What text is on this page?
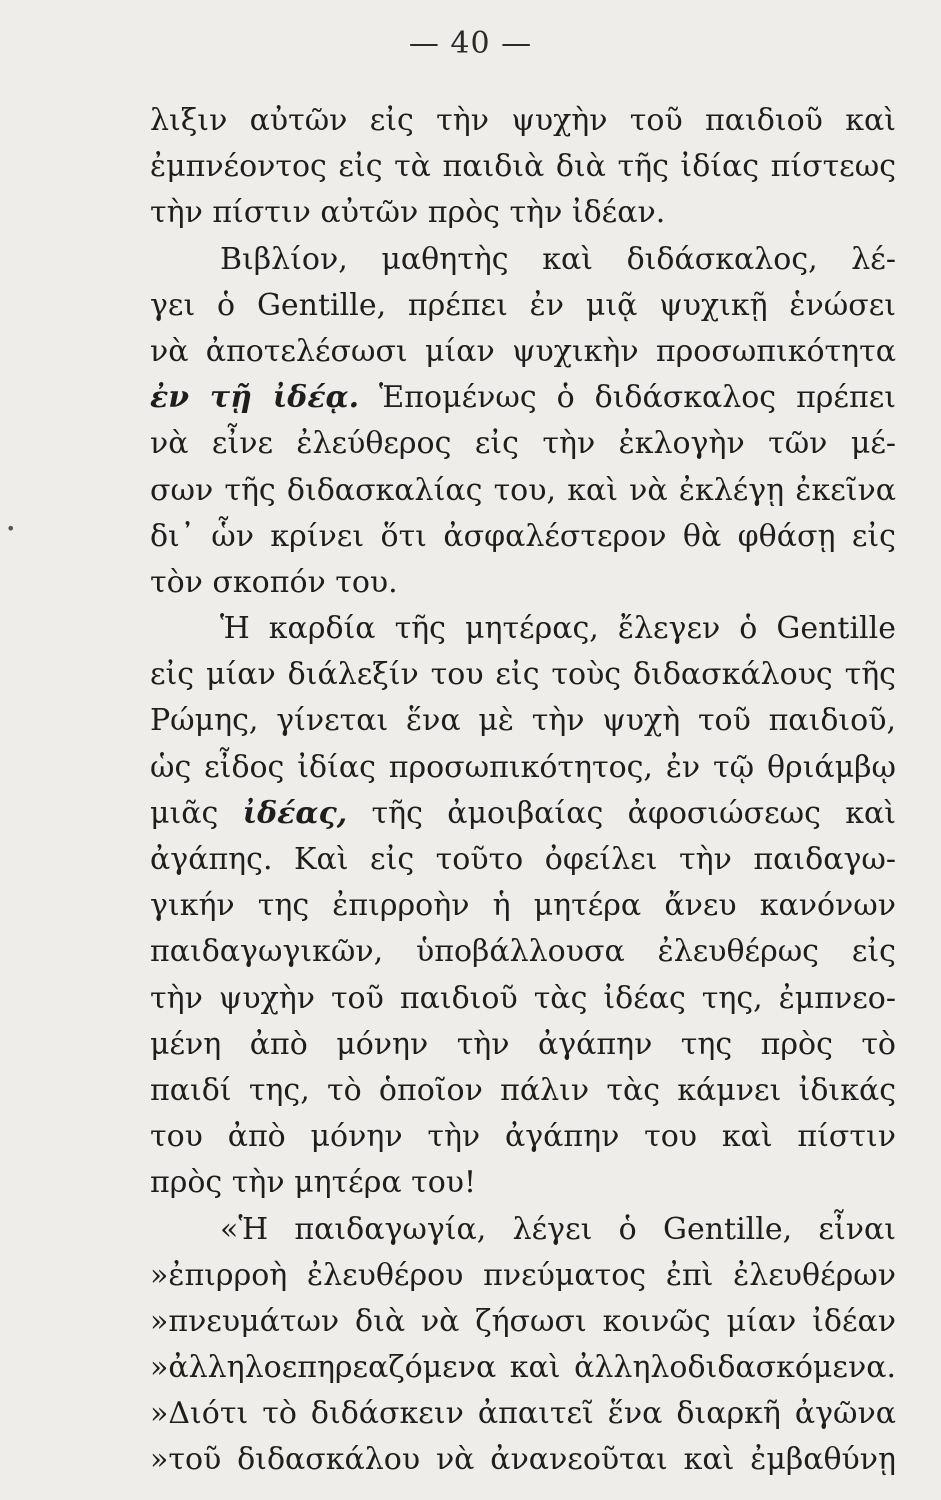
— 40 —
•
λιξιν αὐτῶν εἰς τὴν ψυχὴν τοῦ παιδιοῦ καὶ
ἐμπνέοντος εἰς τὰ παιδιὰ διὰ τῆς ἰδίας πίστεως
τὴν πίστιν αὐτῶν πρὸς τὴν ἰδέαν.
Βιβλίον, μαθητὴς καὶ διδάσκαλος, λέ-
γει ὁ Gentille, πρέπει ἐν μιᾷ ψυχικῇ ἑνώσει
νὰ ἀποτελέσωσι μίαν ψυχικὴν προσωπικότητα
ἐν τῇ ἰδέᾳ. Ἑπομένως ὁ διδάσκαλος πρέπει
νὰ εἶνε ἐλεύθερος εἰς τὴν ἐκλογὴν τῶν μέ-
σων τῆς διδασκαλίας του, καὶ νὰ ἐκλέγῃ ἐκεῖνα
δι᾽ ὧν κρίνει ὅτι ἀσφαλέστερον θὰ φθάσῃ εἰς
τὸν σκοπόν του.
Ἡ καρδία τῆς μητέρας, ἔλεγεν ὁ Gentille
εἰς μίαν διάλεξίν του εἰς τοὺς διδασκάλους τῆς
Ρώμης, γίνεται ἕνα μὲ τὴν ψυχὴ τοῦ παιδιοῦ,
ὡς εἶδος ἰδίας προσωπικότητος, ἐν τῷ θριάμβῳ
μιᾶς ἰδέας, τῆς ἀμοιβαίας ἀφοσιώσεως καὶ
ἀγάπης. Καὶ εἰς τοῦτο ὀφείλει τὴν παιδαγω-
γικήν της ἐπιρροὴν ἡ μητέρα ἄνευ κανόνων
παιδαγωγικῶν, ὑποβάλλουσα ἐλευθέρως εἰς
τὴν ψυχὴν τοῦ παιδιοῦ τὰς ἰδέας της, ἐμπνεο-
μένη ἀπὸ μόνην τὴν ἀγάπην της πρὸς τὸ
παιδί της, τὸ ὁποῖον πάλιν τὰς κάμνει ἰδικάς
του ἀπὸ μόνην τὴν ἀγάπην του καὶ πίστιν
πρὸς τὴν μητέρα του!
«Ἡ παιδαγωγία, λέγει ὁ Gentille, εἶναι
»ἐπιρροὴ ἐλευθέρου πνεύματος ἐπὶ ἐλευθέρων
»πνευμάτων διὰ νὰ ζήσωσι κοινῶς μίαν ἰδέαν
»ἀλληλοεπηρεαζόμενα καὶ ἀλληλοδιδασκόμενα.
»Διότι τὸ διδάσκειν ἀπαιτεῖ ἕνα διαρκῆ ἀγῶνα
»τοῦ διδασκάλου νὰ ἀνανεοῦται καὶ ἐμβαθύνῃ
